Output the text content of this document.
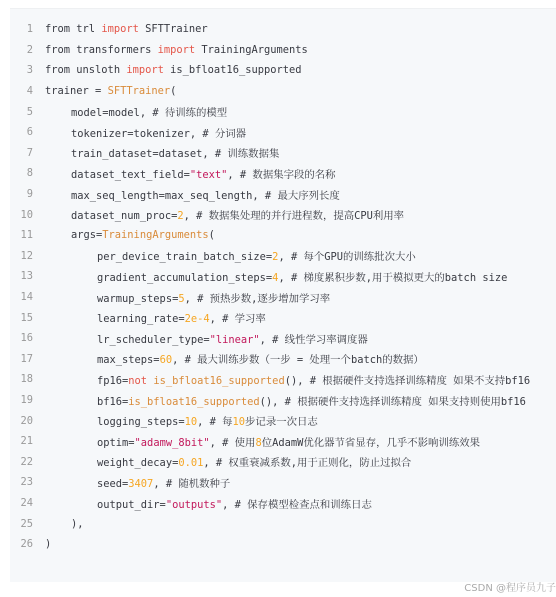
1 from trl import SFTTrainer
2 from transformers import TrainingArguments
3 from unsloth import is_bfloat16_supported
4 trainer = SFTTrainer(
5	model=model, # 待训练的模型
6	tokenizer=tokenizer, # 分词器
7	train_dataset=dataset, # 训练数据集
8	dataset_text_field="text", # 数据集字段的名称
9	max_seq_length=max_seq_length, # 最大序列长度
10	dataset_num_proc=2, # 数据集处理的并行进程数，提高CPU利用率
11	args=TrainingArguments(
12	per_device_train_batch_size=2, # 每个GPU的训练批次大小
13	gradient_accumulation_steps=4, # 梯度累积步数,用于模拟更大的batch size
14	warmup_steps=5, # 预热步数,逐步增加学习率
15	learning_rate=2e-4, # 学习率
16	lr_scheduler_type="linear", # 线性学习率调度器
17	max_steps=60, # 最大训练步数（一步 = 处理一个batch的数据）
18	fp16=not is_bfloat16_supported(), # 根据硬件支持选择训练精度 如果不支持bf16
19	bf16=is_bfloat16_supported(), # 根据硬件支持选择训练精度 如果支持则使用bf16
20	logging_steps=10, # 每10步记录一次日志
21	optim="adamw_8bit", # 使用8位AdamW优化器节省显存，几乎不影响训练效果
22	weight_decay=0.01, # 权重衰减系数,用于正则化，防止过拟合
23	seed=3407, # 随机数种子
24	output_dir="outputs", # 保存模型检查点和训练日志
25	),
26 )
CSDN @程序员九子
